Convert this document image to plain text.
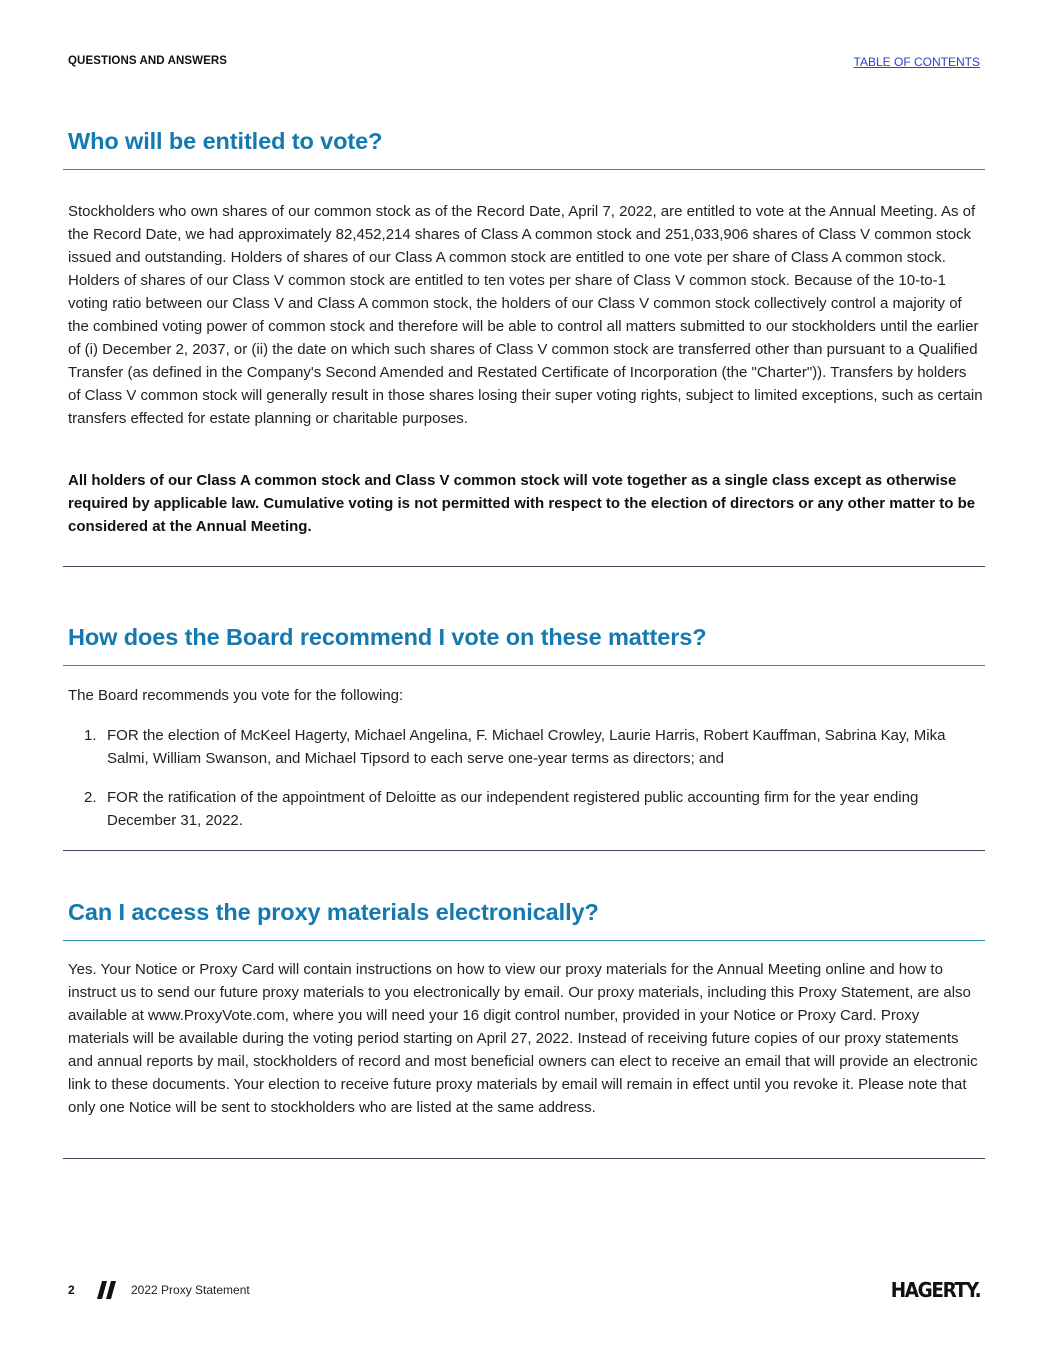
QUESTIONS AND ANSWERS	TABLE OF CONTENTS
Who will be entitled to vote?

Stockholders who own shares of our common stock as of the Record Date, April 7, 2022, are entitled to vote at the Annual Meeting. As of the Record Date, we had approximately 82,452,214 shares of Class A common stock and 251,033,906 shares of Class V common stock issued and outstanding. Holders of shares of our Class A common stock are entitled to one vote per share of Class A common stock. Holders of shares of our Class V common stock are entitled to ten votes per share of Class V common stock. Because of the 10-to-1 voting ratio between our Class V and Class A common stock, the holders of our Class V common stock collectively control a majority of the combined voting power of common stock and therefore will be able to control all matters submitted to our stockholders until the earlier of (i) December 2, 2037, or (ii) the date on which such shares of Class V common stock are transferred other than pursuant to a Qualified Transfer (as defined in the Company's Second Amended and Restated Certificate of Incorporation (the "Charter")). Transfers by holders of Class V common stock will generally result in those shares losing their super voting rights, subject to limited exceptions, such as certain transfers effected for estate planning or charitable purposes.

All holders of our Class A common stock and Class V common stock will vote together as a single class except as otherwise required by applicable law. Cumulative voting is not permitted with respect to the election of directors or any other matter to be considered at the Annual Meeting.

How does the Board recommend I vote on these matters?

The Board recommends you vote for the following:

1. FOR the election of McKeel Hagerty, Michael Angelina, F. Michael Crowley, Laurie Harris, Robert Kauffman, Sabrina Kay, Mika Salmi, William Swanson, and Michael Tipsord to each serve one-year terms as directors; and
2. FOR the ratification of the appointment of Deloitte as our independent registered public accounting firm for the year ending December 31, 2022.
Can I access the proxy materials electronically?

Yes. Your Notice or Proxy Card will contain instructions on how to view our proxy materials for the Annual Meeting online and how to instruct us to send our future proxy materials to you electronically by email. Our proxy materials, including this Proxy Statement, are also available at www.ProxyVote.com, where you will need your 16 digit control number, provided in your Notice or Proxy Card. Proxy materials will be available during the voting period starting on April 27, 2022. Instead of receiving future copies of our proxy statements and annual reports by mail, stockholders of record and most beneficial owners can elect to receive an email that will provide an electronic link to these documents. Your election to receive future proxy materials by email will remain in effect until you revoke it. Please note that only one Notice will be sent to stockholders who are listed at the same address.

2	2022 Proxy Statement	HAGERTY.
